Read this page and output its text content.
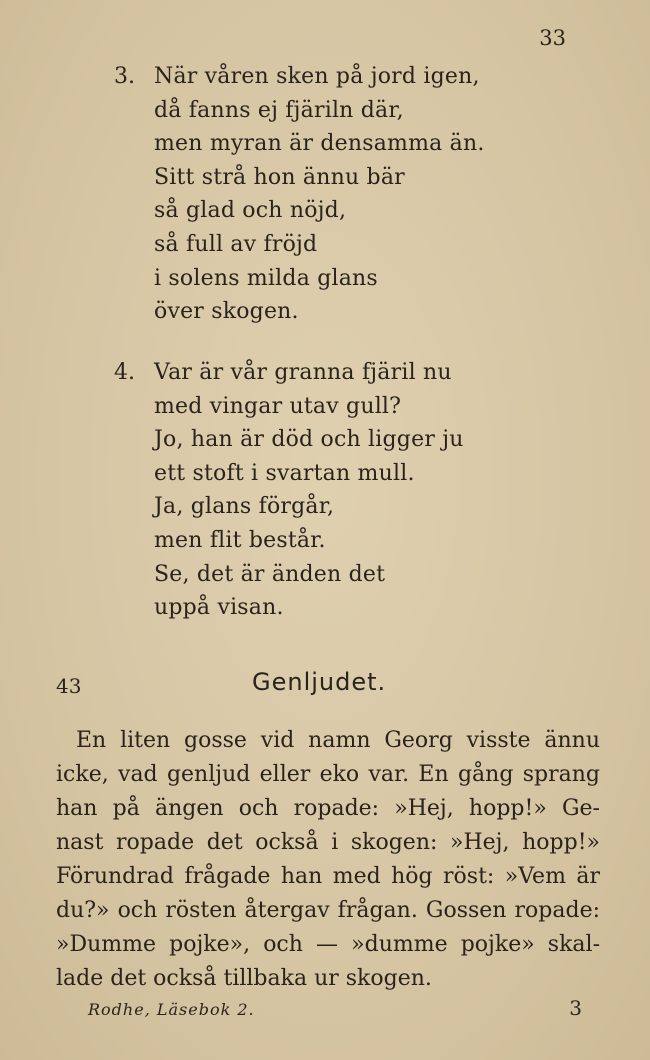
33
3. När våren sken på jord igen,
då fanns ej fjäriln där,
men myran är densamma än.
Sitt strå hon ännu bär
så glad och nöjd,
så full av fröjd
i solens milda glans
över skogen.
4. Var är vår granna fjäril nu
med vingar utav gull?
Jo, han är död och ligger ju
ett stoft i svartan mull.
Ja, glans förgår,
men flit består.
Se, det är änden det
uppå visan.
43	Genljudet.
En liten gosse vid namn Georg visste ännu
icke, vad genljud eller eko var. En gång sprang
han på ängen och ropade: »Hej, hopp!» Ge-
nast ropade det också i skogen: »Hej, hopp!»
Förundrad frågade han med hög röst: »Vem är
du?» och rösten återgav frågan. Gossen ropade:
»Dumme pojke», och — »dumme pojke» skal-
lade det också tillbaka ur skogen.
Rodhe, Läsebok 2.	3
